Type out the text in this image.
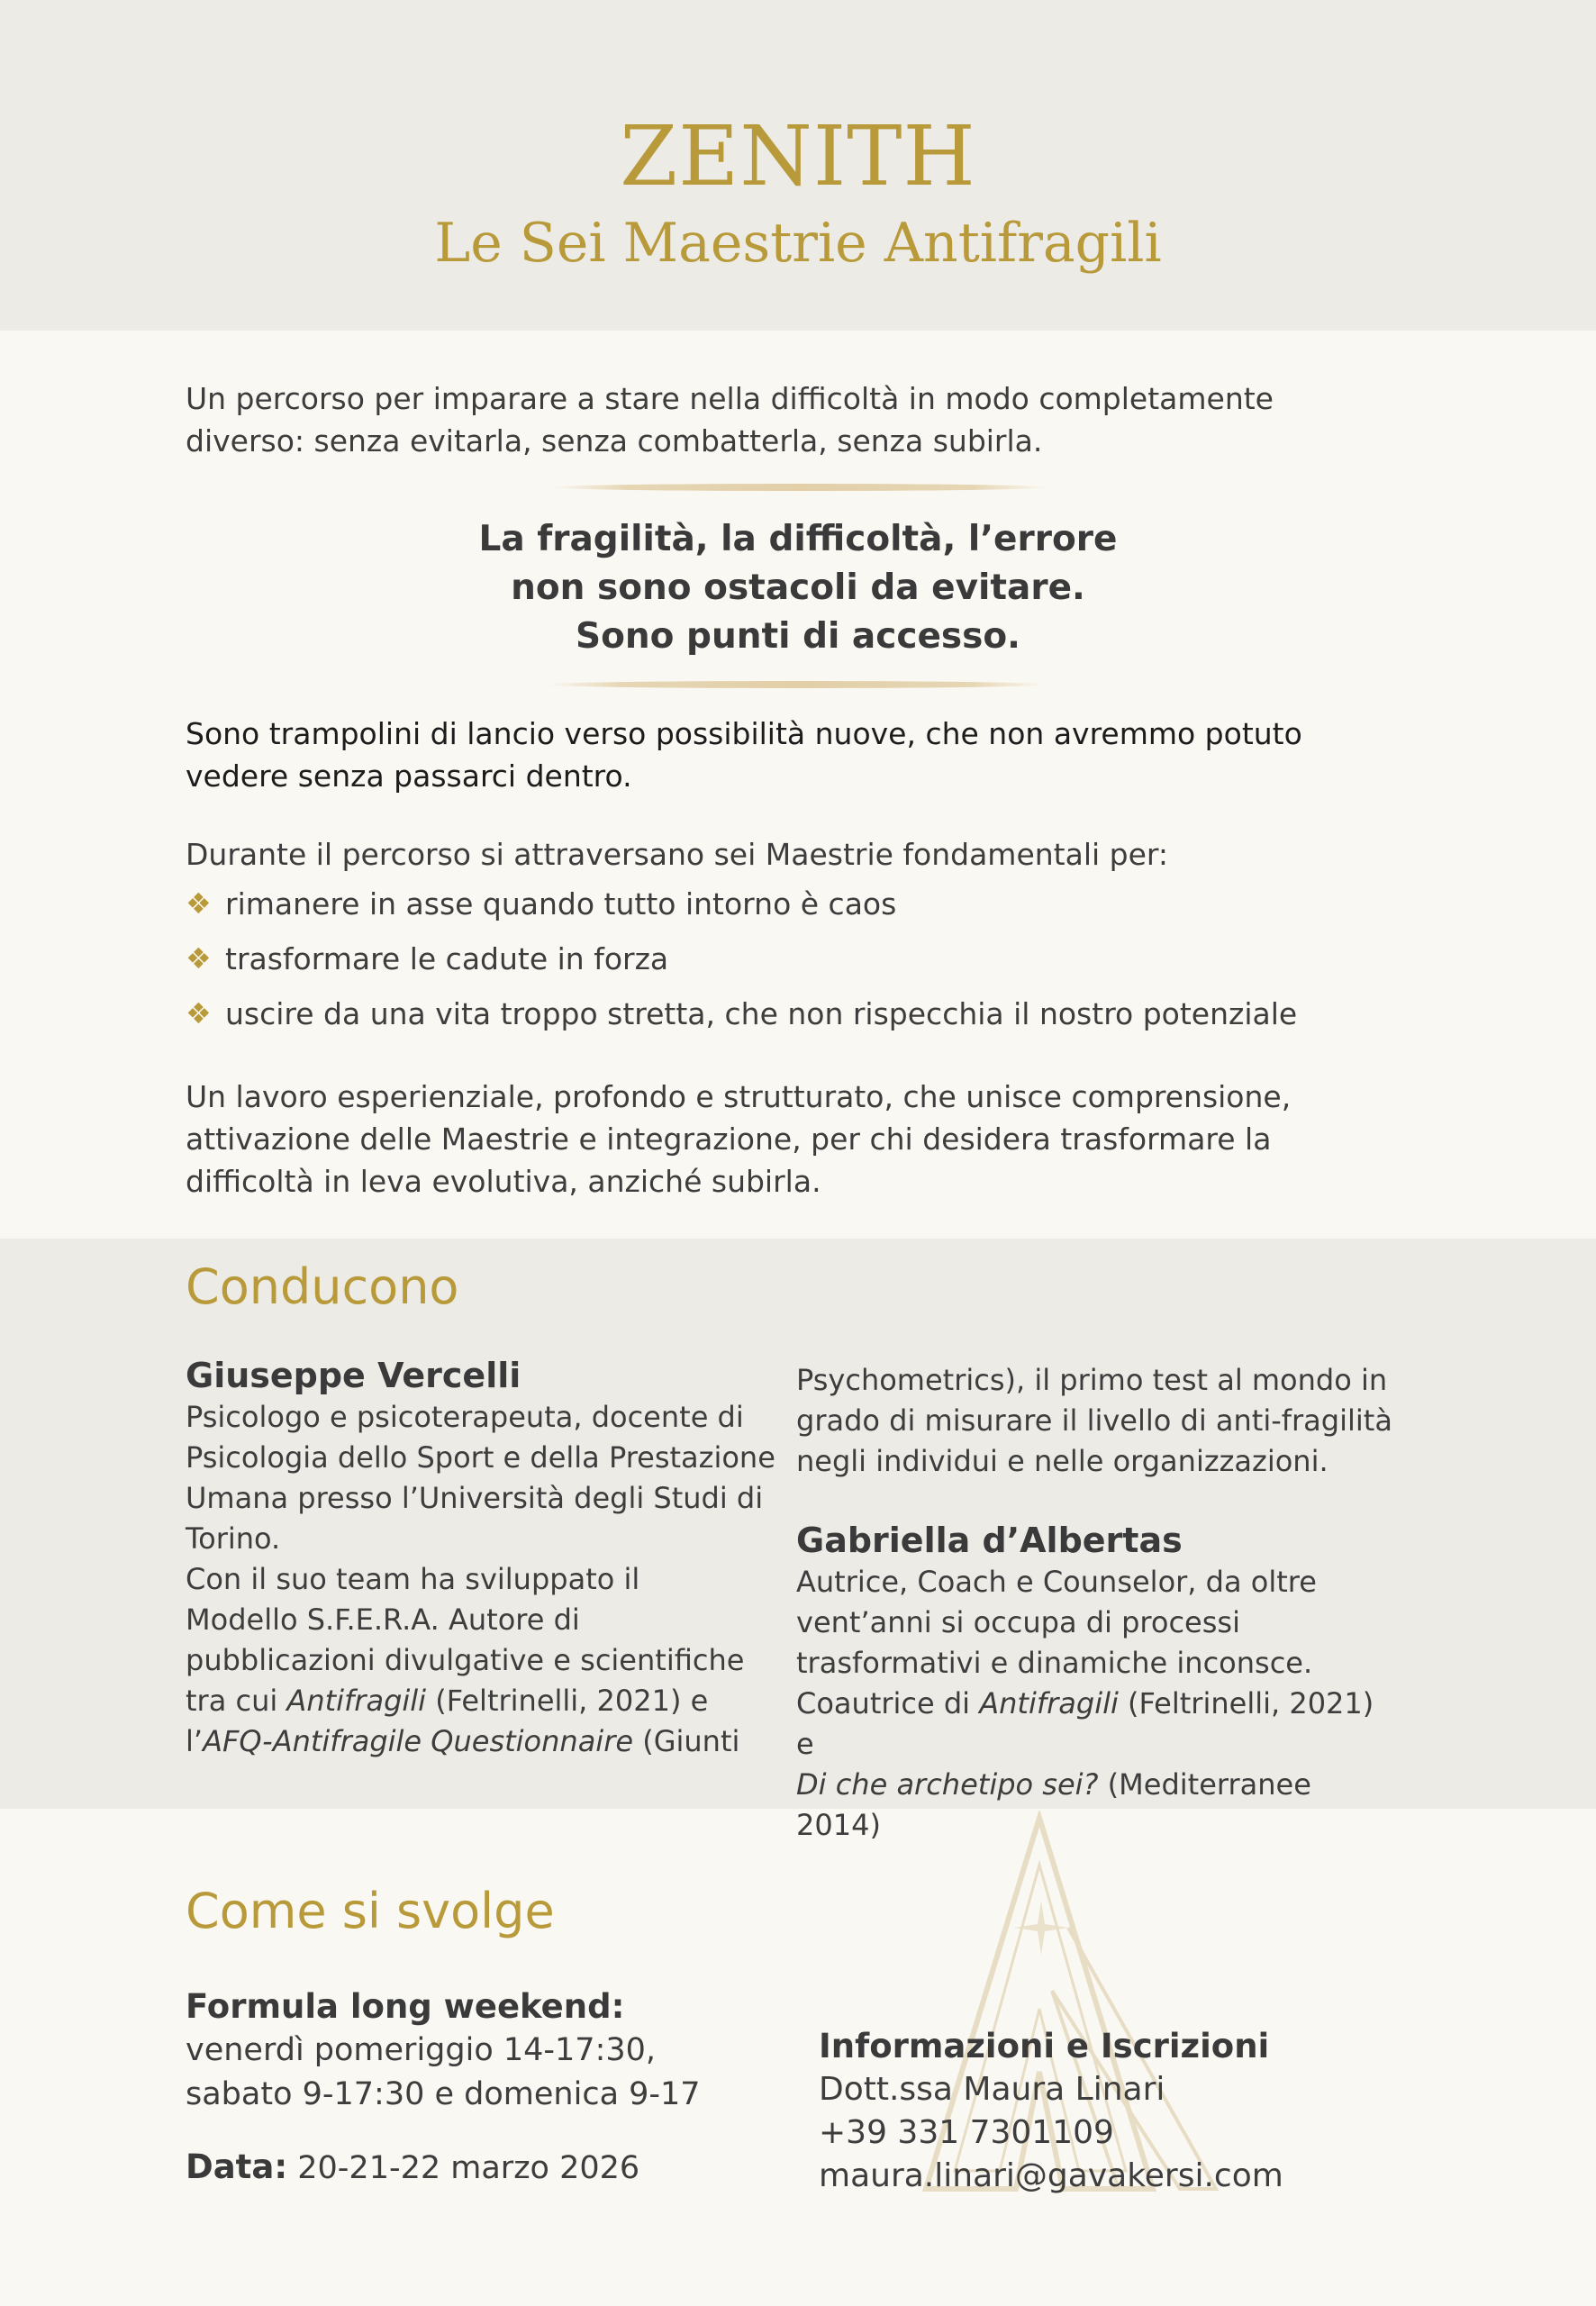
ZENITH
Le Sei Maestrie Antifragili
Un percorso per imparare a stare nella difficoltà in modo completamente
diverso: senza evitarla, senza combatterla, senza subirla.
La fragilità, la difficoltà, l’errore
non sono ostacoli da evitare.
Sono punti di accesso.
Sono trampolini di lancio verso possibilità nuove, che non avremmo potuto
vedere senza passarci dentro.
Durante il percorso si attraversano sei Maestrie fondamentali per:
❖ rimanere in asse quando tutto intorno è caos
❖ trasformare le cadute in forza
❖ uscire da una vita troppo stretta, che non rispecchia il nostro potenziale
Un lavoro esperienziale, profondo e strutturato, che unisce comprensione,
attivazione delle Maestrie e integrazione, per chi desidera trasformare la
difficoltà in leva evolutiva, anziché subirla.
Conducono
Giuseppe Vercelli
Psicologo e psicoterapeuta, docente di
Psicologia dello Sport e della Prestazione
Umana presso l’Università degli Studi di
Torino.
Con il suo team ha sviluppato il
Modello S.F.E.R.A. Autore di
pubblicazioni divulgative e scientifiche
tra cui Antifragili (Feltrinelli, 2021) e
l’AFQ-Antifragile Questionnaire (Giunti
Psychometrics), il primo test al mondo in
grado di misurare il livello di anti-fragilità
negli individui e nelle organizzazioni.
Gabriella d’Albertas
Autrice, Coach e Counselor, da oltre
vent’anni si occupa di processi
trasformativi e dinamiche inconsce.
Coautrice di Antifragili (Feltrinelli, 2021) e
Di che archetipo sei? (Mediterranee 2014)
Come si svolge
Formula long weekend:
venerdì pomeriggio 14-17:30,
sabato 9-17:30 e domenica 9-17
Data: 20-21-22 marzo 2026
Informazioni e Iscrizioni
Dott.ssa Maura Linari
+39 331 7301109
maura.linari@gavakersi.com
